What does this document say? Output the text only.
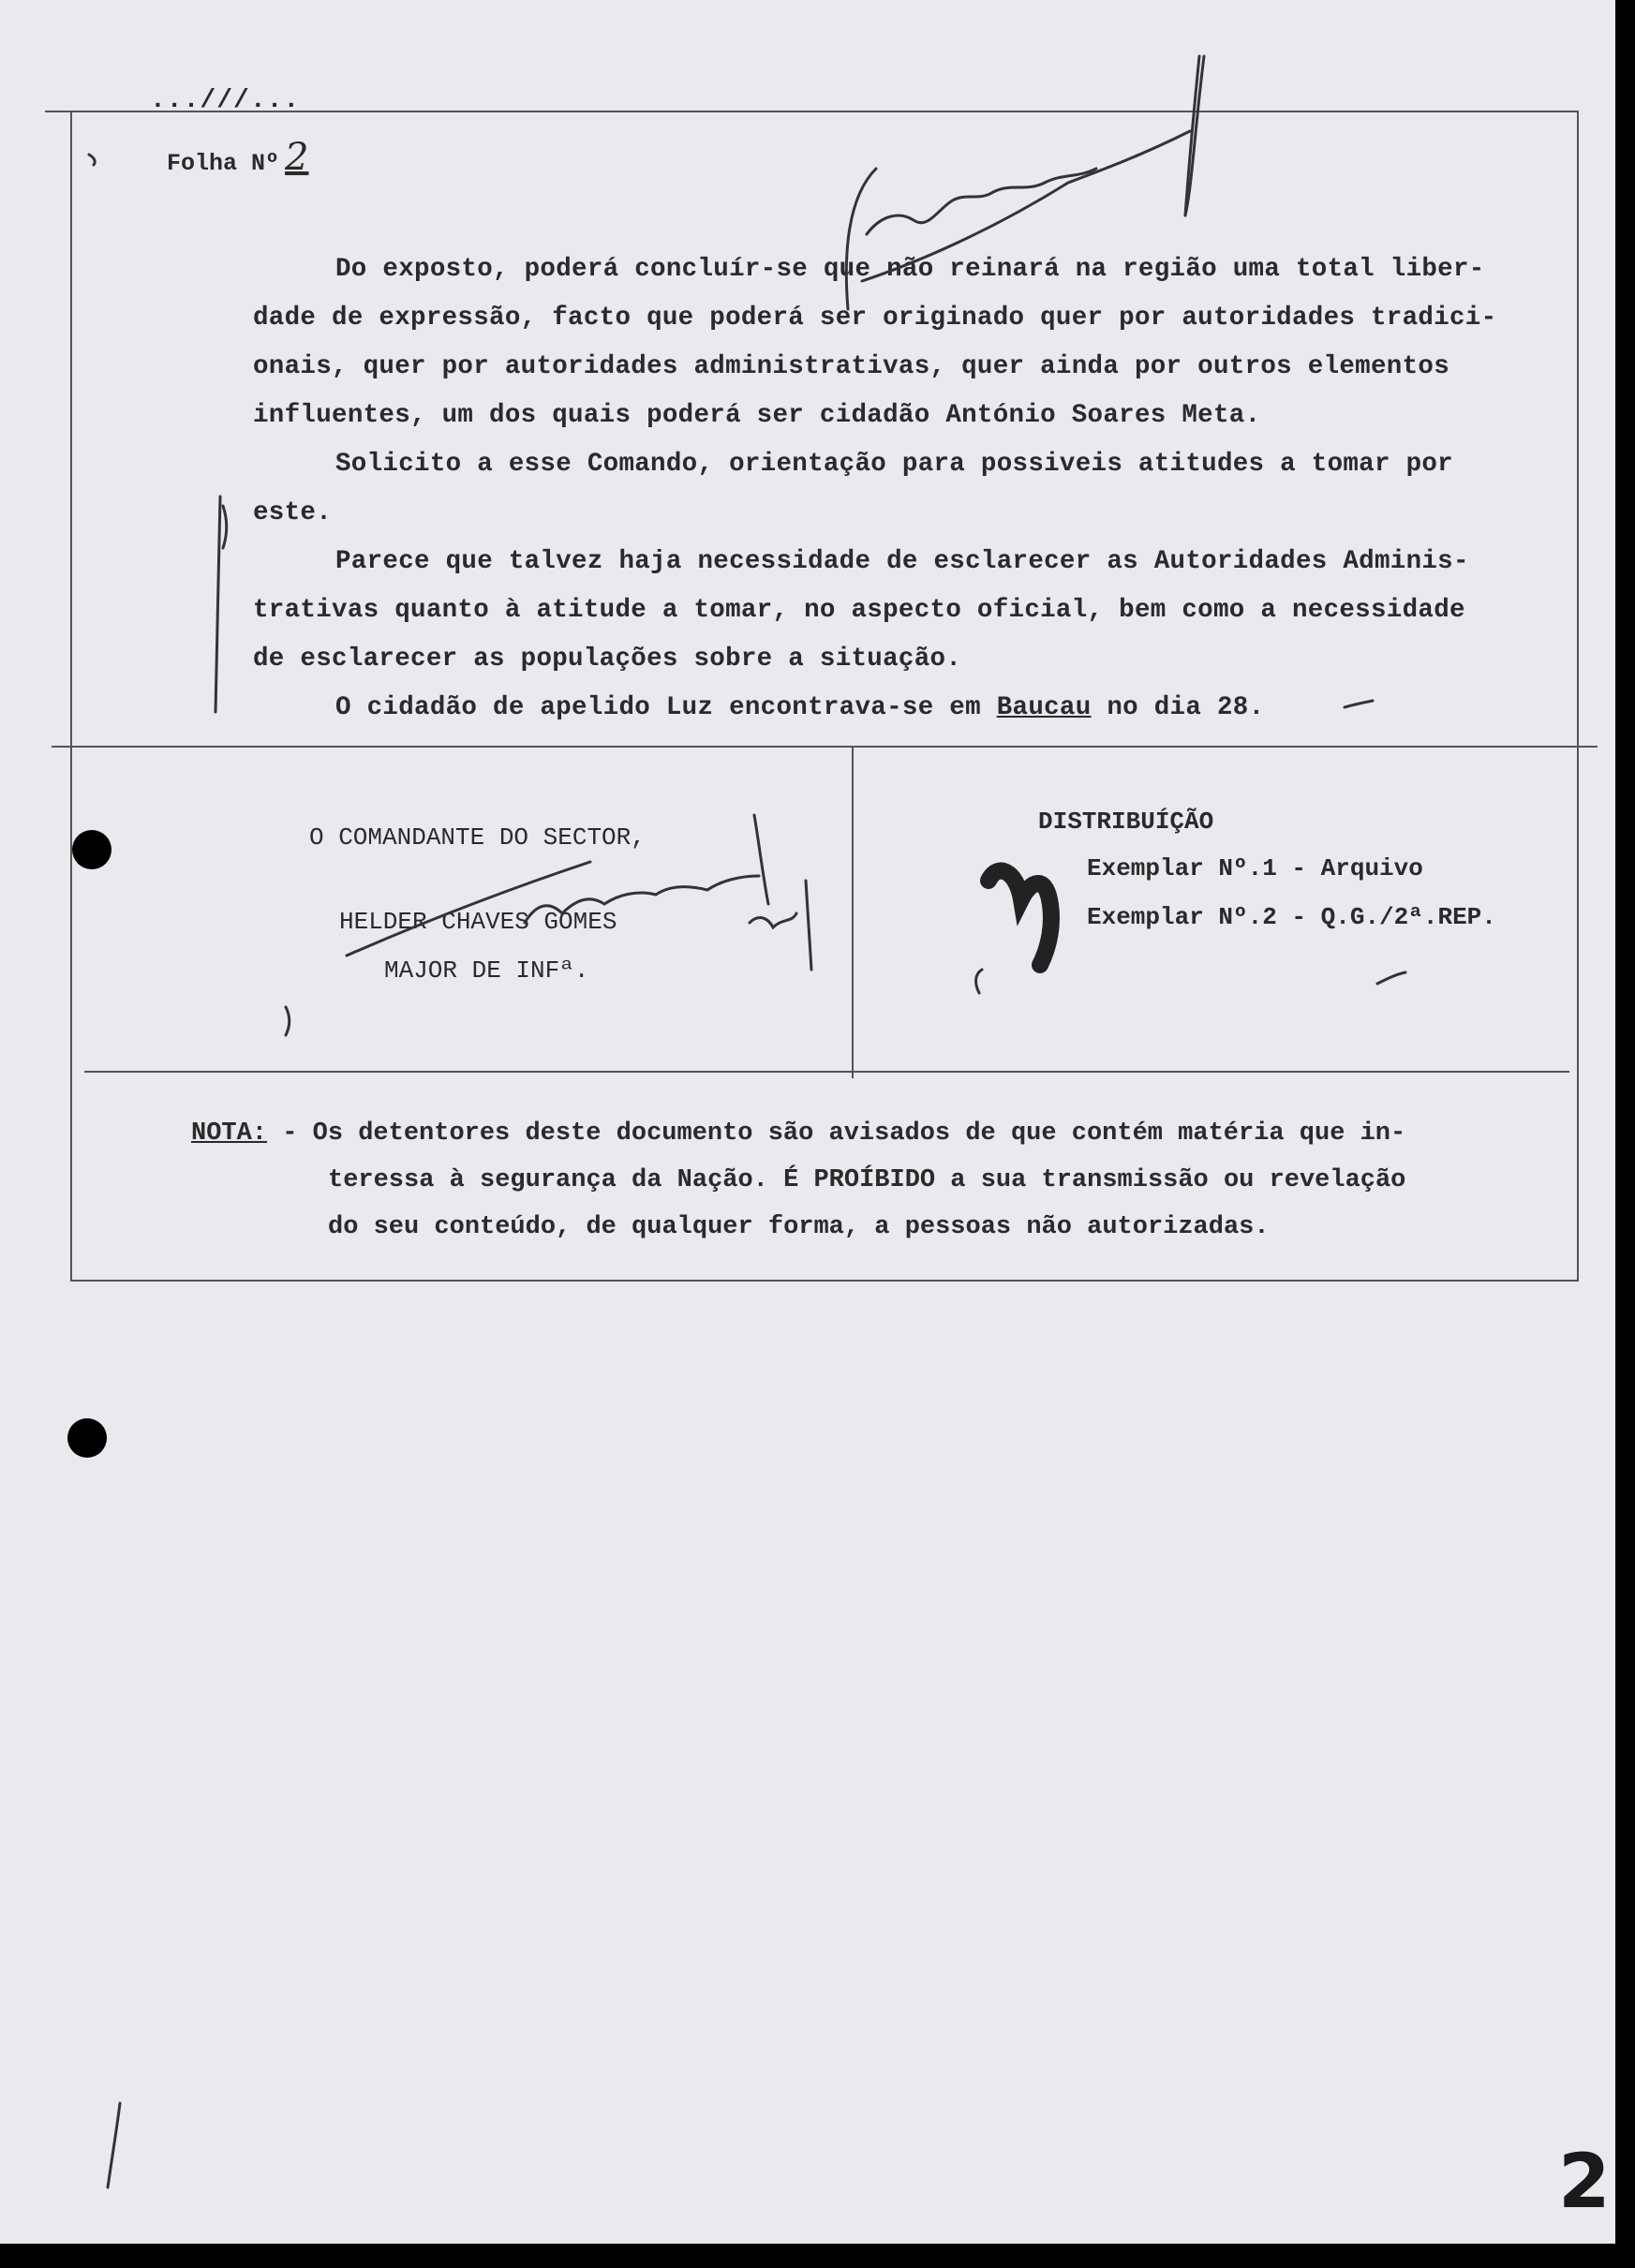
...///...
Folha Nº 2

Do exposto, poderá concluír-se que não reinará na região uma total liber-
dade de expressão, facto que poderá ser originado quer por autoridades tradici-
onais, quer por autoridades administrativas, quer ainda por outros elementos
influentes, um dos quais poderá ser cidadão António Soares Meta.

Solicito a esse Comando, orientação para possiveis atitudes a tomar por
este.

Parece que talvez haja necessidade de esclarecer as Autoridades Adminis-
trativas quanto à atitude a tomar, no aspecto oficial, bem como a necessidade
de esclarecer as populações sobre a situação.

O cidadão de apelido Luz encontrava-se em Baucau no dia 28.

O COMANDANTE DO SECTOR,
HELDER CHAVES GOMES
MAJOR DE INFª.
DISTRIBUÍÇÃO
Exemplar Nº.1 - Arquivo
Exemplar Nº.2 - Q.G./2ª.REP.
NOTA: - Os detentores deste documento são avisados de que contém matéria que in-
teressa à segurança da Nação. É PROÍBIDO a sua transmissão ou revelação
do seu conteúdo, de qualquer forma, a pessoas não autorizadas.
2
